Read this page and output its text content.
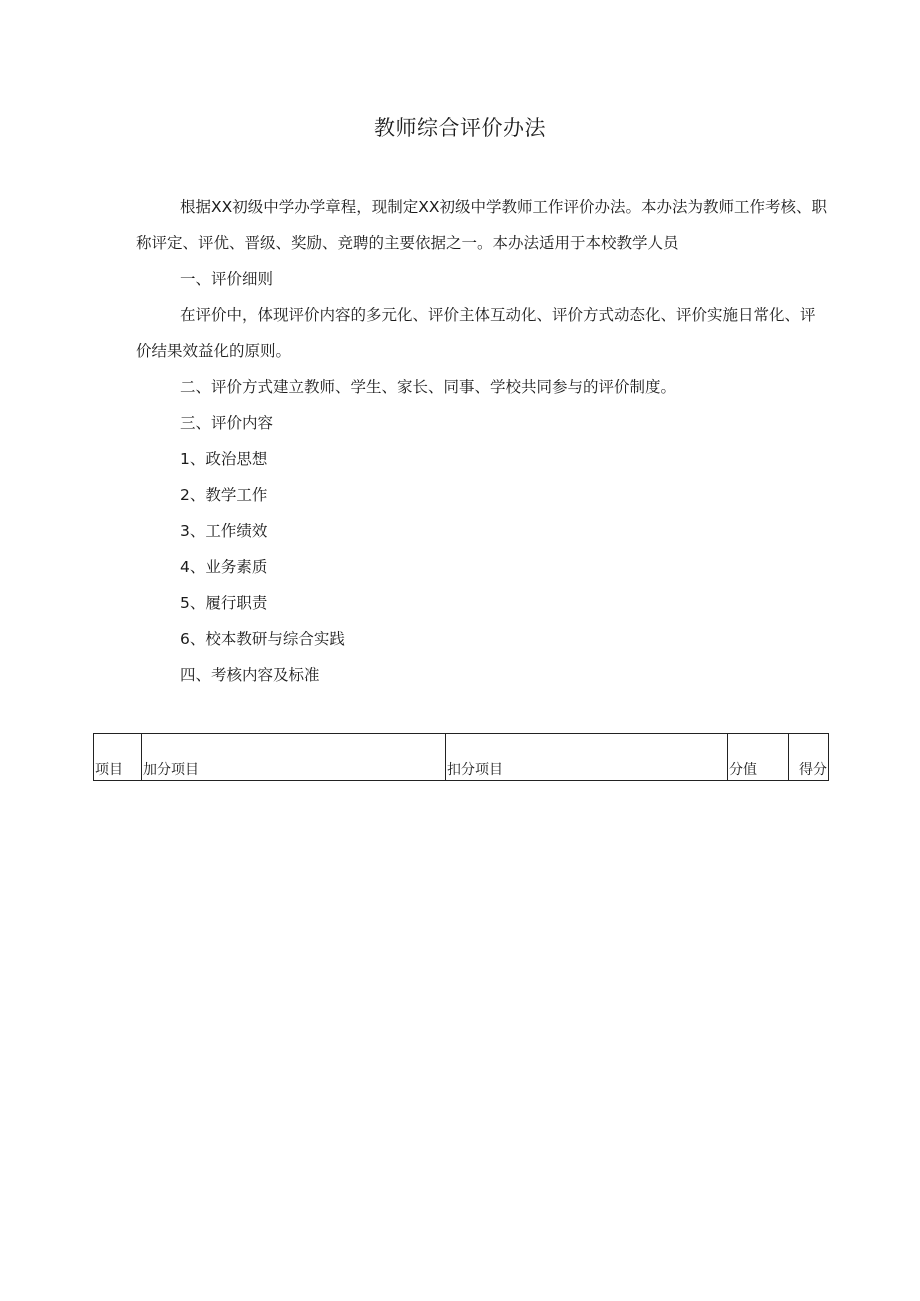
教师综合评价办法

根据XX初级中学办学章程，现制定XX初级中学教师工作评价办法。本办法为教师工作考核、职称评定、评优、晋级、奖励、竞聘的主要依据之一。本办法适用于本校教学人员

一、评价细则

在评价中，体现评价内容的多元化、评价主体互动化、评价方式动态化、评价实施日常化、评价结果效益化的原则。

二、评价方式建立教师、学生、家长、同事、学校共同参与的评价制度。

三、评价内容

1、政治思想

2、教学工作

3、工作绩效

4、业务素质

5、履行职责

6、校本教研与综合实践

四、考核内容及标准

项目	加分项目	扣分项目	分值	得分
